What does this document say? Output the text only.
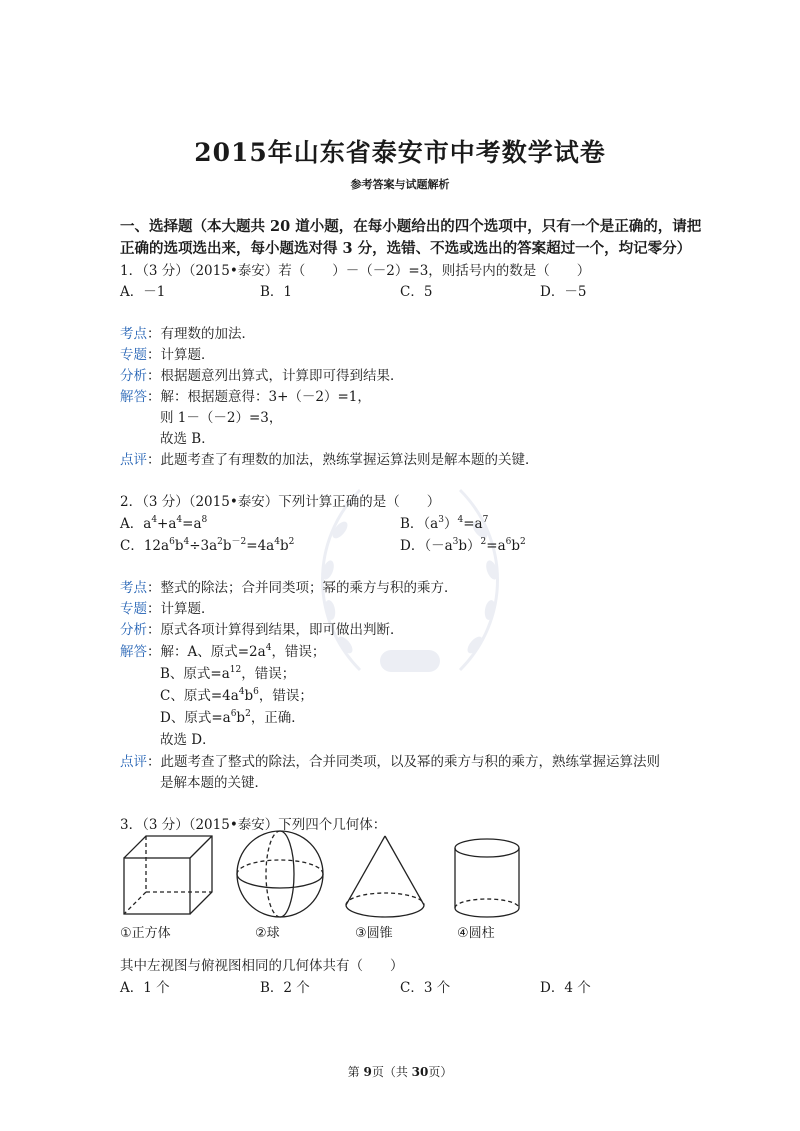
2015年山东省泰安市中考数学试卷
参考答案与试题解析
一、选择题（本大题共 20 道小题，在每小题给出的四个选项中，只有一个是正确的，请把
正确的选项选出来，每小题选对得 3 分，选错、不选或选出的答案超过一个，均记零分）
1．（3 分）（2015•泰安）若（　　）－（－2）=3，则括号内的数是（　　）
A．－1	B．1	C．5	D．－5
考点：有理数的加法．
专题：计算题．
分析：根据题意列出算式，计算即可得到结果．
解答：解：根据题意得：3+（－2）=1，
则 1－（－2）=3，
故选 B．
点评：此题考查了有理数的加法，熟练掌握运算法则是解本题的关键．
2．（3 分）（2015•泰安）下列计算正确的是（　　）
A．$a^4+a^4=a^8$	B．$(a^3)^4=a^7$
C．$12a^6b^4\div 3a^2b^{-2}=4a^4b^2$	D．$(-a^3b)^2=a^6b^2$
考点：整式的除法；合并同类项；幂的乘方与积的乘方．
专题：计算题．
分析：原式各项计算得到结果，即可做出判断．
解答：解：A、原式$=2a^4$，错误；
B、原式$=a^{12}$，错误；
C、原式$=4a^4b^6$，错误；
D、原式$=a^6b^2$，正确．
故选 D．
点评：此题考查了整式的除法，合并同类项，以及幂的乘方与积的乘方，熟练掌握运算法则
是解本题的关键．
3．（3 分）（2015•泰安）下列四个几何体：
①正方体	②球	③圆锥	④圆柱
其中左视图与俯视图相同的几何体共有（　　）
A．1 个	B．2 个	C．3 个	D．4 个
第 9页（共 30页）
